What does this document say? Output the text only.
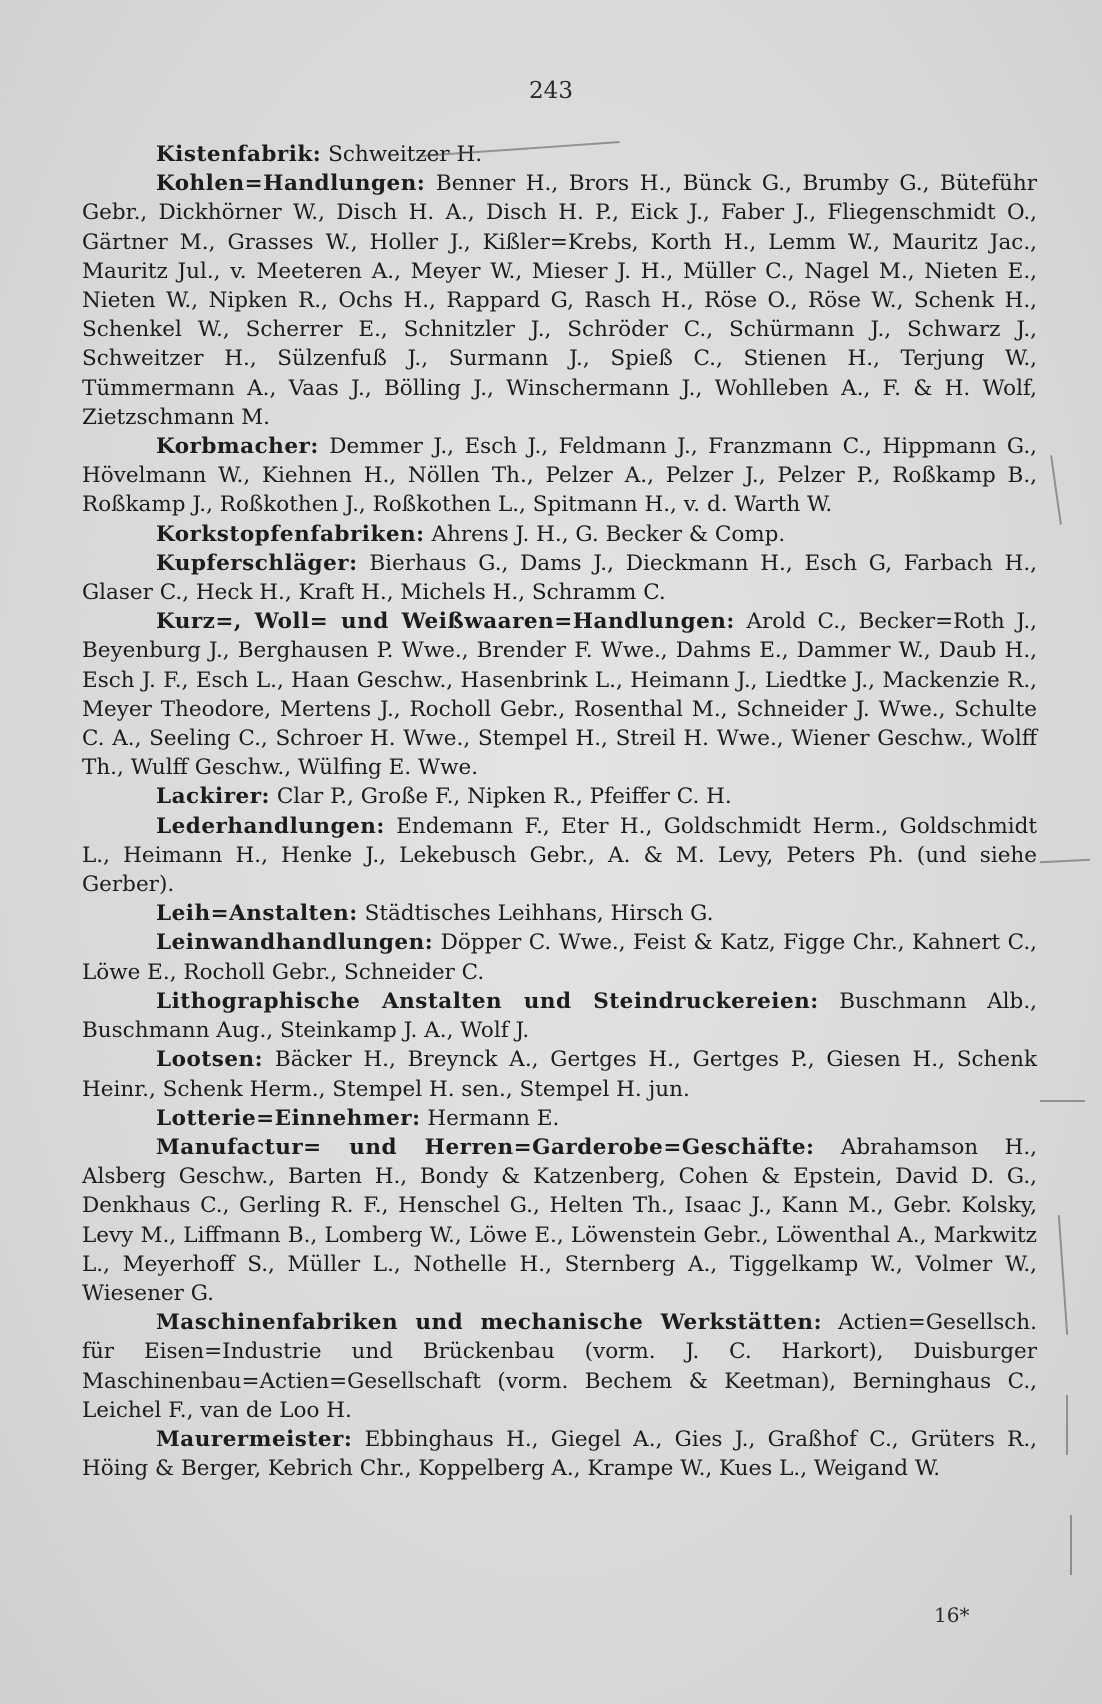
243

Kistenfabrik: Schweitzer H.

Kohlen=Handlungen: Benner H., Brors H., Bünck G., Brumby G., Büteführ Gebr., Dickhörner W., Disch H. A., Disch H. P., Eick J., Faber J., Fliegenschmidt O., Gärtner M., Grasses W., Holler J., Kißler=Krebs, Korth H., Lemm W., Mauritz Jac., Mauritz Jul., v. Meeteren A., Meyer W., Mieser J. H., Müller C., Nagel M., Nieten E., Nieten W., Nipken R., Ochs H., Rappard G, Rasch H., Röse O., Röse W., Schenk H., Schenkel W., Scherrer E., Schnitzler J., Schröder C., Schürmann J., Schwarz J., Schweitzer H., Sülzenfuß J., Surmann J., Spieß C., Stienen H., Terjung W., Tümmermann A., Vaas J., Bölling J., Winschermann J., Wohlleben A., F. & H. Wolf, Zietzschmann M.

Korbmacher: Demmer J., Esch J., Feldmann J., Franzmann C., Hippmann G., Hövelmann W., Kiehnen H., Nöllen Th., Pelzer A., Pelzer J., Pelzer P., Roßkamp B., Roßkamp J., Roßkothen J., Roßkothen L., Spitmann H., v. d. Warth W.

Korkstopfenfabriken: Ahrens J. H., G. Becker & Comp.

Kupferschläger: Bierhaus G., Dams J., Dieckmann H., Esch G, Farbach H., Glaser C., Heck H., Kraft H., Michels H., Schramm C.

Kurz=, Woll= und Weißwaaren=Handlungen: Arold C., Becker=Roth J., Beyenburg J., Berghausen P. Wwe., Brender F. Wwe., Dahms E., Dammer W., Daub H., Esch J. F., Esch L., Haan Geschw., Hasenbrink L., Heimann J., Liedtke J., Mackenzie R., Meyer Theodore, Mertens J., Rocholl Gebr., Rosenthal M., Schneider J. Wwe., Schulte C. A., Seeling C., Schroer H. Wwe., Stempel H., Streil H. Wwe., Wiener Geschw., Wolff Th., Wulff Geschw., Wülfing E. Wwe.

Lackirer: Clar P., Große F., Nipken R., Pfeiffer C. H.

Lederhandlungen: Endemann F., Eter H., Goldschmidt Herm., Goldschmidt L., Heimann H., Henke J., Lekebusch Gebr., A. & M. Levy, Peters Ph. (und siehe Gerber).

Leih=Anstalten: Städtisches Leihhans, Hirsch G.

Leinwandhandlungen: Döpper C. Wwe., Feist & Katz, Figge Chr., Kahnert C., Löwe E., Rocholl Gebr., Schneider C.

Lithographische Anstalten und Steindruckereien: Buschmann Alb., Buschmann Aug., Steinkamp J. A., Wolf J.

Lootsen: Bäcker H., Breynck A., Gertges H., Gertges P., Giesen H., Schenk Heinr., Schenk Herm., Stempel H. sen., Stempel H. jun.

Lotterie=Einnehmer: Hermann E.

Manufactur= und Herren=Garderobe=Geschäfte: Abrahamson H., Alsberg Geschw., Barten H., Bondy & Katzenberg, Cohen & Epstein, David D. G., Denkhaus C., Gerling R. F., Henschel G., Helten Th., Isaac J., Kann M., Gebr. Kolsky, Levy M., Liffmann B., Lomberg W., Löwe E., Löwenstein Gebr., Löwenthal A., Markwitz L., Meyerhoff S., Müller L., Nothelle H., Sternberg A., Tiggelkamp W., Volmer W., Wiesener G.

Maschinenfabriken und mechanische Werkstätten: Actien=Gesellsch. für Eisen=Industrie und Brückenbau (vorm. J. C. Harkort), Duisburger Maschinenbau=Actien=Gesellschaft (vorm. Bechem & Keetman), Berninghaus C., Leichel F., van de Loo H.

Maurermeister: Ebbinghaus H., Giegel A., Gies J., Graßhof C., Grüters R., Höing & Berger, Kebrich Chr., Koppelberg A., Krampe W., Kues L., Weigand W.

16*
